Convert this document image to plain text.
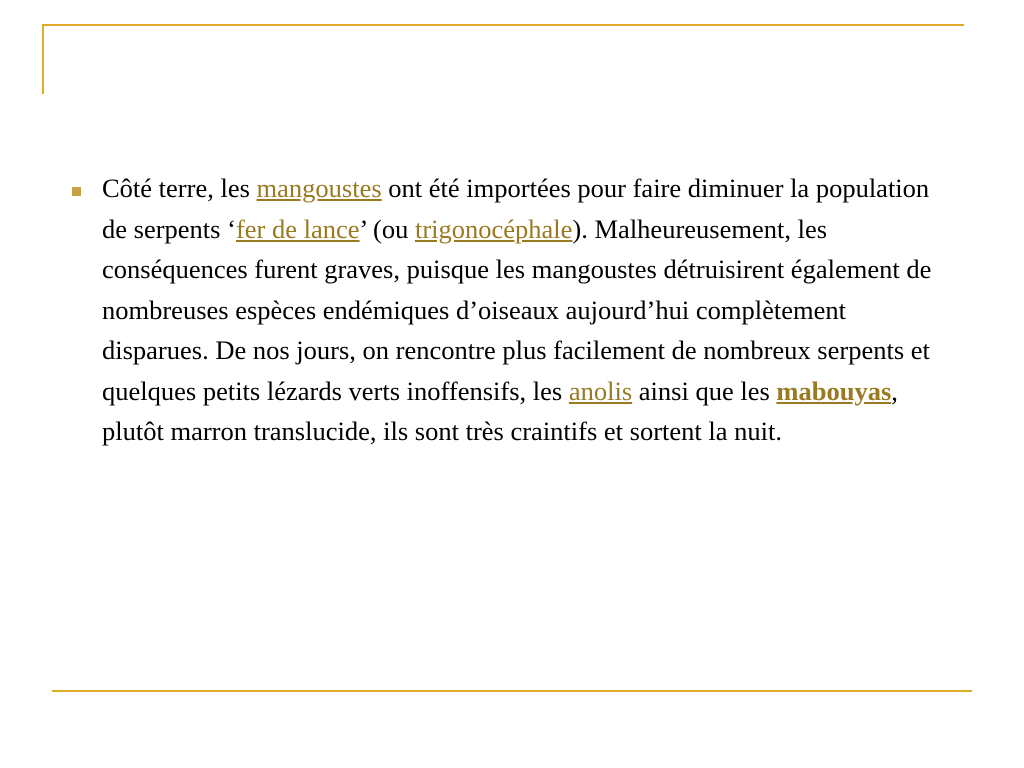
Côté terre, les mangoustes ont été importées pour faire diminuer la population de serpents ‘fer de lance’ (ou trigonocéphale). Malheureusement, les conséquences furent graves, puisque les mangoustes détruisirent également de nombreuses espèces endémiques d’oiseaux aujourd’hui complètement disparues. De nos jours, on rencontre plus facilement de nombreux serpents et quelques petits lézards verts inoffensifs, les anolis ainsi que les mabouyas, plutôt marron translucide, ils sont très craintifs et sortent la nuit.
